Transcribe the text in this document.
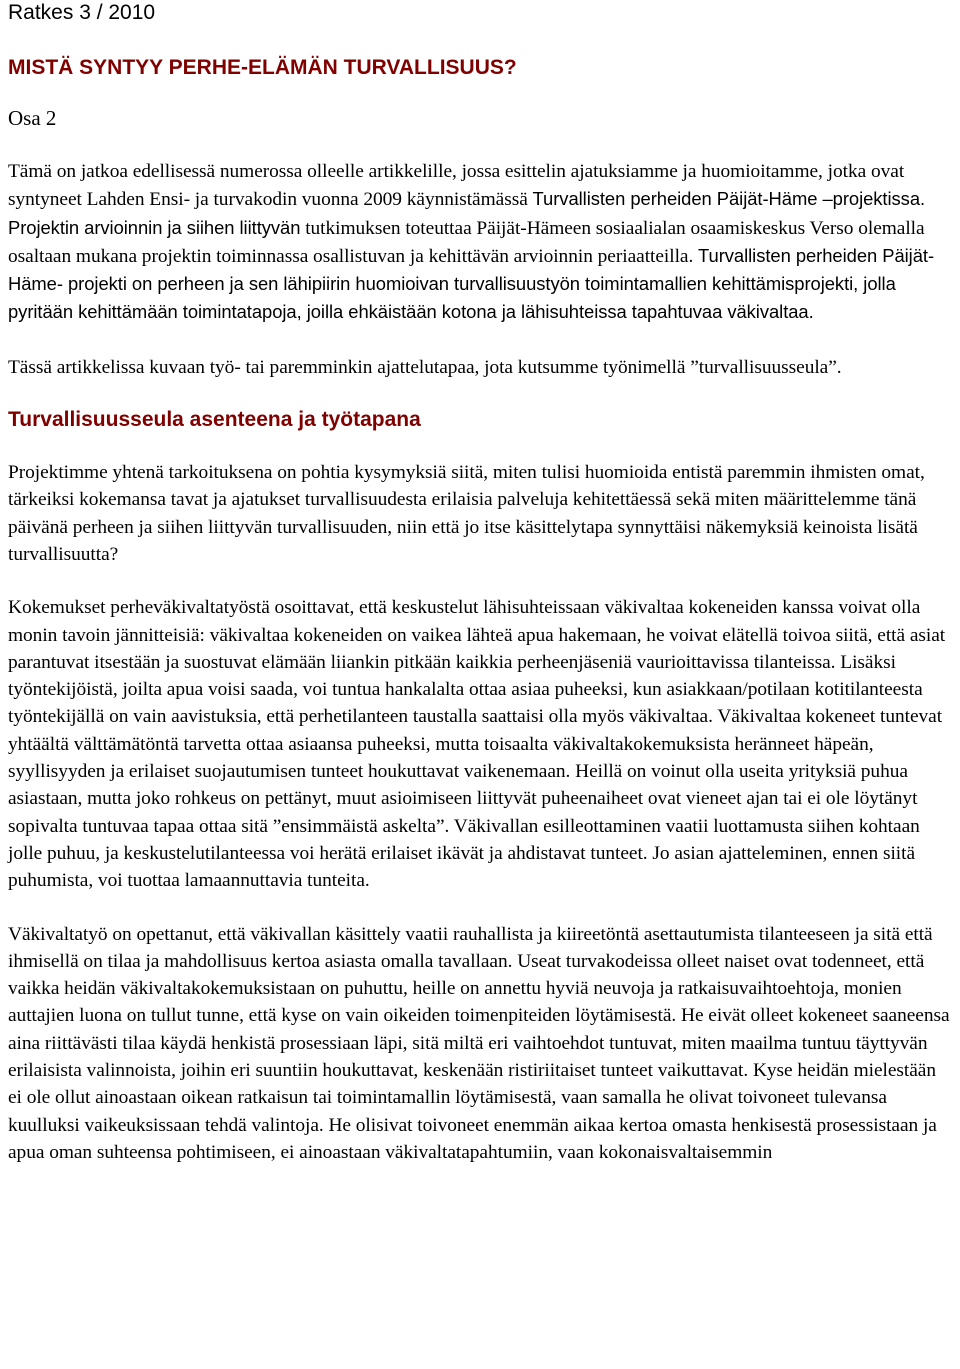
Ratkes 3 / 2010
MISTÄ SYNTYY PERHE-ELÄMÄN TURVALLISUUS?
Osa 2

Tämä on jatkoa edellisessä numerossa olleelle artikkelille, jossa esittelin ajatuksiamme ja huomioitamme, jotka ovat syntyneet Lahden Ensi- ja turvakodin vuonna 2009 käynnistämässä Turvallisten perheiden Päijät-Häme –projektissa. Projektin arvioinnin ja siihen liittyvän tutkimuksen toteuttaa Päijät-Hämeen sosiaalialan osaamiskeskus Verso olemalla osaltaan mukana projektin toiminnassa osallistuvan ja kehittävän arvioinnin periaatteilla. Turvallisten perheiden Päijät-Häme- projekti on perheen ja sen lähipiirin huomioivan turvallisuustyön toimintamallien kehittämisprojekti, jolla pyritään kehittämään toimintatapoja, joilla ehkäistään kotona ja lähisuhteissa tapahtuvaa väkivaltaa.

Tässä artikkelissa kuvaan työ- tai paremminkin ajattelutapaa, jota kutsumme työnimellä ”turvallisuusseula”.

Turvallisuusseula asenteena ja työtapana

Projektimme yhtenä tarkoituksena on pohtia kysymyksiä siitä, miten tulisi huomioida entistä paremmin ihmisten omat, tärkeiksi kokemansa tavat ja ajatukset turvallisuudesta erilaisia palveluja kehitettäessä sekä miten määrittelemme tänä päivänä perheen ja siihen liittyvän turvallisuuden, niin että jo itse käsittelytapa synnyttäisi näkemyksiä keinoista lisätä turvallisuutta?

Kokemukset perheväkivaltatyöstä osoittavat, että keskustelut lähisuhteissaan väkivaltaa kokeneiden kanssa voivat olla monin tavoin jännitteisiä: väkivaltaa kokeneiden on vaikea lähteä apua hakemaan, he voivat elätellä toivoa siitä, että asiat parantuvat itsestään ja suostuvat elämään liiankin pitkään kaikkia perheenjäseniä vaurioittavissa tilanteissa. Lisäksi työntekijöistä, joilta apua voisi saada, voi tuntua hankalalta ottaa asiaa puheeksi, kun asiakkaan/potilaan kotitilanteesta työntekijällä on vain aavistuksia, että perhetilanteen taustalla saattaisi olla myös väkivaltaa. Väkivaltaa kokeneet tuntevat yhtäältä välttämätöntä tarvetta ottaa asiaansa puheeksi, mutta toisaalta väkivaltakokemuksista heränneet häpeän, syyllisyyden ja erilaiset suojautumisen tunteet houkuttavat vaikenemaan. Heillä on voinut olla useita yrityksiä puhua asiastaan, mutta joko rohkeus on pettänyt, muut asioimiseen liittyvät puheenaiheet ovat vieneet ajan tai ei ole löytänyt sopivalta tuntuvaa tapaa ottaa sitä ”ensimmäistä askelta”. Väkivallan esilleottaminen vaatii luottamusta siihen kohtaan jolle puhuu, ja keskustelutilanteessa voi herätä erilaiset ikävät ja ahdistavat tunteet. Jo asian ajatteleminen, ennen siitä puhumista, voi tuottaa lamaannuttavia tunteita.

Väkivaltatyö on opettanut, että väkivallan käsittely vaatii rauhallista ja kiireetöntä asettautumista tilanteeseen ja sitä että ihmisellä on tilaa ja mahdollisuus kertoa asiasta omalla tavallaan. Useat turvakodeissa olleet naiset ovat todenneet, että vaikka heidän väkivaltakokemuksistaan on puhuttu, heille on annettu hyviä neuvoja ja ratkaisuvaihtoehtoja, monien auttajien luona on tullut tunne, että kyse on vain oikeiden toimenpiteiden löytämisestä. He eivät olleet kokeneet saaneensa aina riittävästi tilaa käydä henkistä prosessiaan läpi, sitä miltä eri vaihtoehdot tuntuvat, miten maailma tuntuu täyttyvän erilaisista valinnoista, joihin eri suuntiin houkuttavat, keskenään ristiriitaiset tunteet vaikuttavat. Kyse heidän mielestään ei ole ollut ainoastaan oikean ratkaisun tai toimintamallin löytämisestä, vaan samalla he olivat toivoneet tulevansa kuulluksi vaikeuksissaan tehdä valintoja. He olisivat toivoneet enemmän aikaa kertoa omasta henkisestä prosessistaan ja apua oman suhteensa pohtimiseen, ei ainoastaan väkivaltatapahtumiin, vaan kokonaisvaltaisemmin
